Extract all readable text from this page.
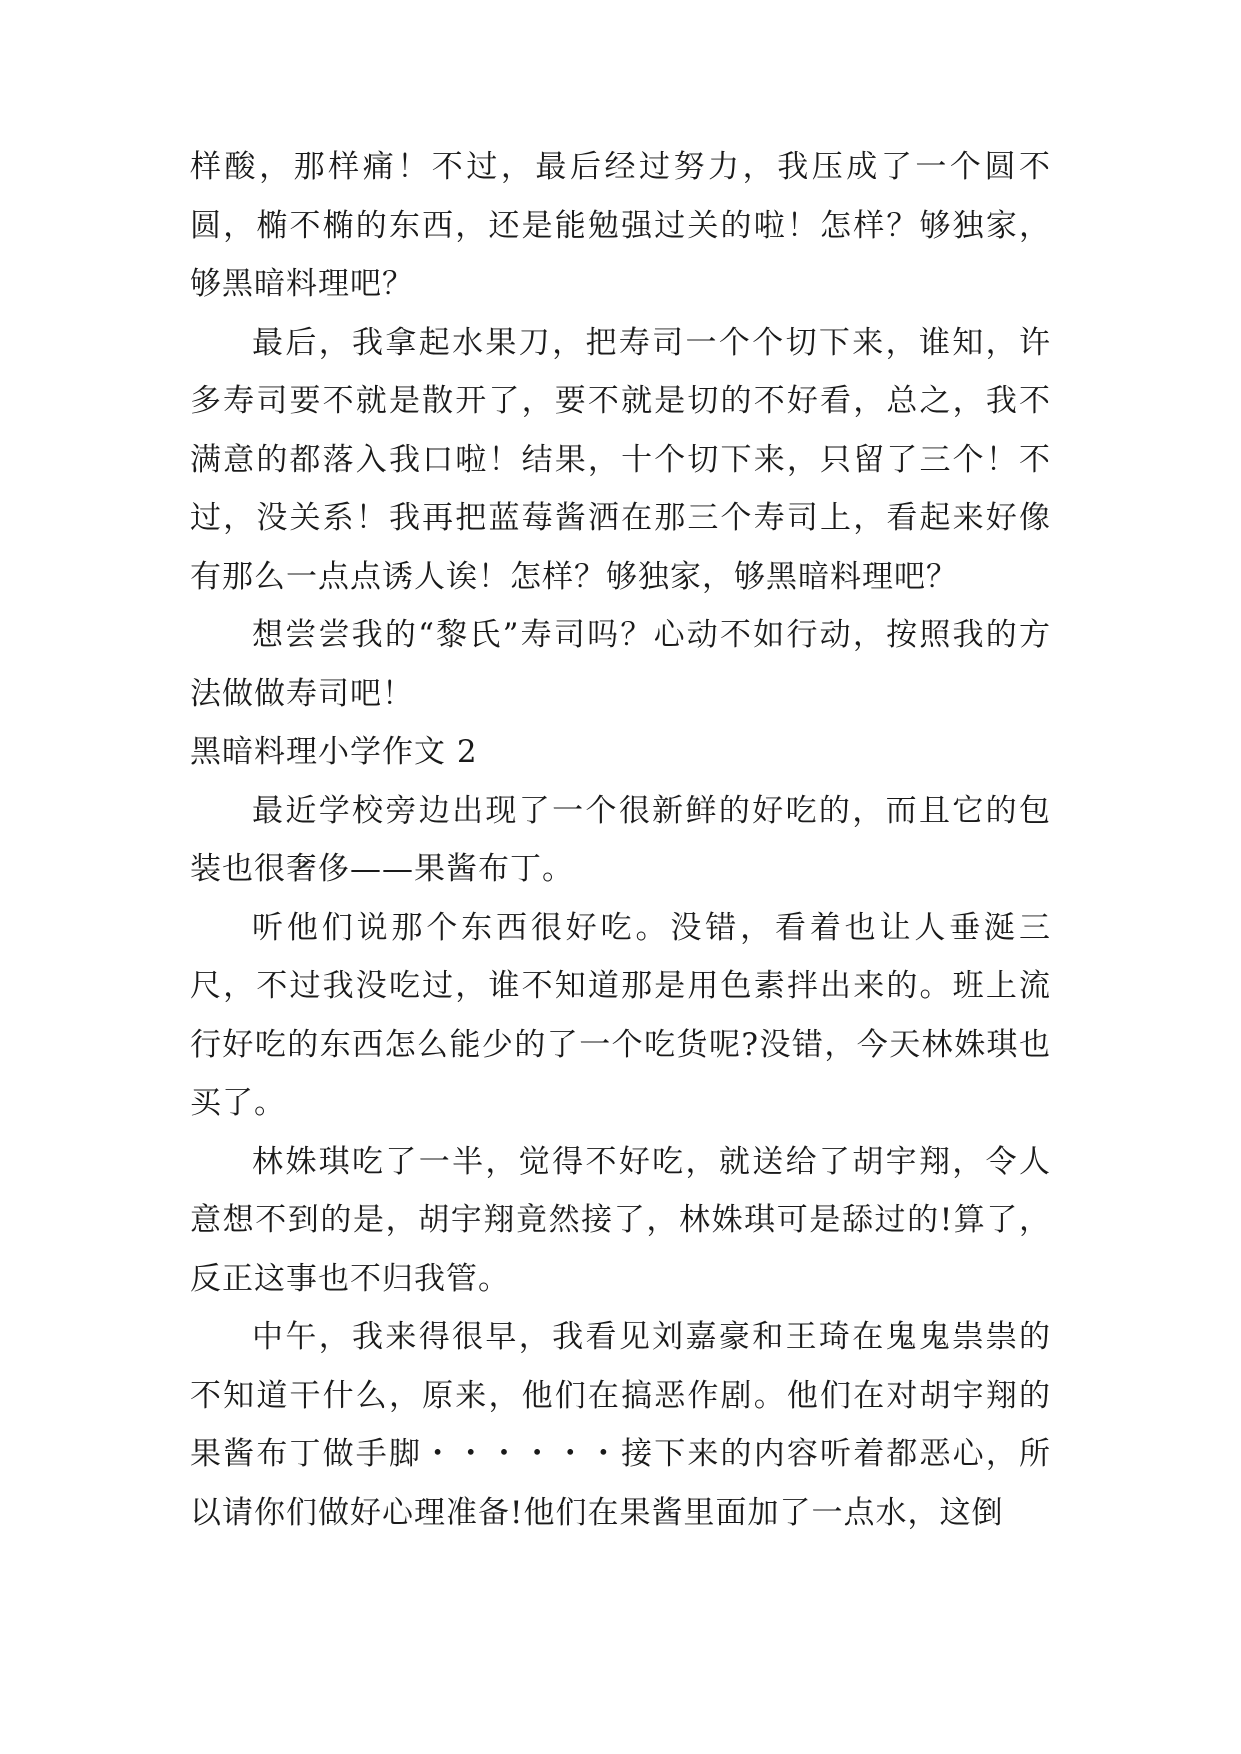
样酸，那样痛！不过，最后经过努力，我压成了一个圆不圆，椭不椭的东西，还是能勉强过关的啦！怎样？够独家，够黑暗料理吧？

最后，我拿起水果刀，把寿司一个个切下来，谁知，许多寿司要不就是散开了，要不就是切的不好看，总之，我不满意的都落入我口啦！结果，十个切下来，只留了三个！不过，没关系！我再把蓝莓酱洒在那三个寿司上，看起来好像有那么一点点诱人诶！怎样？够独家，够黑暗料理吧？

想尝尝我的“黎氏”寿司吗？心动不如行动，按照我的方法做做寿司吧！

黑暗料理小学作文 2

最近学校旁边出现了一个很新鲜的好吃的，而且它的包装也很奢侈——果酱布丁。

听他们说那个东西很好吃。没错，看着也让人垂涎三尺，不过我没吃过，谁不知道那是用色素拌出来的。班上流行好吃的东西怎么能少的了一个吃货呢?没错，今天林姝琪也买了。

林姝琪吃了一半，觉得不好吃，就送给了胡宇翔，令人意想不到的是，胡宇翔竟然接了，林姝琪可是舔过的!算了，反正这事也不归我管。

中午，我来得很早，我看见刘嘉豪和王琦在鬼鬼祟祟的不知道干什么，原来，他们在搞恶作剧。他们在对胡宇翔的果酱布丁做手脚・・・・・・接下来的内容听着都恶心，所以请你们做好心理准备!他们在果酱里面加了一点水，这倒
